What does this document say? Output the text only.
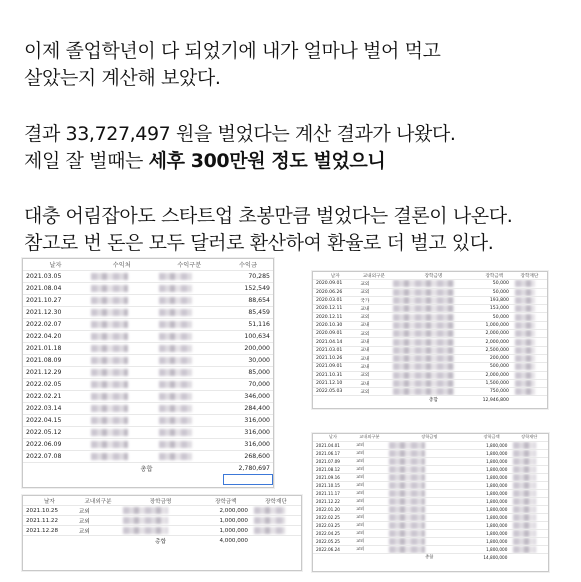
이제 졸업학년이 다 되었기에 내가 얼마나 벌어 먹고
살았는지 계산해 보았다.
결과 33,727,497 원을 벌었다는 계산 결과가 나왔다.
제일 잘 벌때는 세후 300만원 정도 벌었으니
대충 어림잡아도 스타트업 초봉만큼 벌었다는 결론이 나온다.
참고로 번 돈은 모두 달러로 환산하여 환율로 더 벌고 있다.
날자	수익처	수익구분	수익금
2021.03.05			70,285
2021.08.04			152,549
2021.10.27			88,654
2021.12.30			85,459
2022.02.07			51,116
2022.04.20			100,634
2021.01.18			200,000
2021.08.09			30,000
2021.12.29			85,000
2022.02.05			70,000
2022.02.21			346,000
2022.03.14			284,400
2022.04.15			316,000
2022.05.12			316,000
2022.06.09			316,000
2022.07.08			268,600
	총합		2,780,697

날자	교내외구분	장학금명	장학금액	장학재단
2020.09.01	교외		50,000	
2020.06.26	교외		50,000	
2020.03.01	국가		193,800	
2020.12.11	교내		153,000	
2020.12.11	교외		50,000	
2020.10.30	교내		1,000,000	
2020.09.01	교외		2,000,000	
2021.04.14	교내		2,000,000	
2021.03.01	교내		2,500,000	
2021.10.26	교내		200,000	
2021.09.01	교내		500,000	
2021.10.31	교외		2,000,000	
2021.12.10	교내		1,500,000	
2022.05.03	교외		750,000	
		총합	12,946,800	
날자	교내외구분	장학금명	장학금액	장학재단
2021.04.01	교외		1,800,000	
2021.06.17	교외		1,800,000	
2021.07.09	교외		1,800,000	
2021.08.12	교외		1,800,000	
2021.09.16	교외		1,800,000	
2021.10.15	교외		1,800,000	
2021.11.17	교외		1,800,000	
2021.12.22	교외		1,800,000	
2022.01.20	교외		1,800,000	
2022.02.25	교외		1,800,000	
2022.03.25	교외		1,800,000	
2022.04.25	교외		1,800,000	
2022.05.25	교외		1,800,000	
2022.06.24	교외		1,800,000	
		총합	14,800,000	
날자	교내외구분	장학금명	장학금액	장학재단
2021.10.25	교외		2,000,000	
2021.11.22	교외		1,000,000	
2021.12.28	교외		1,000,000	
		총합	4,000,000	
